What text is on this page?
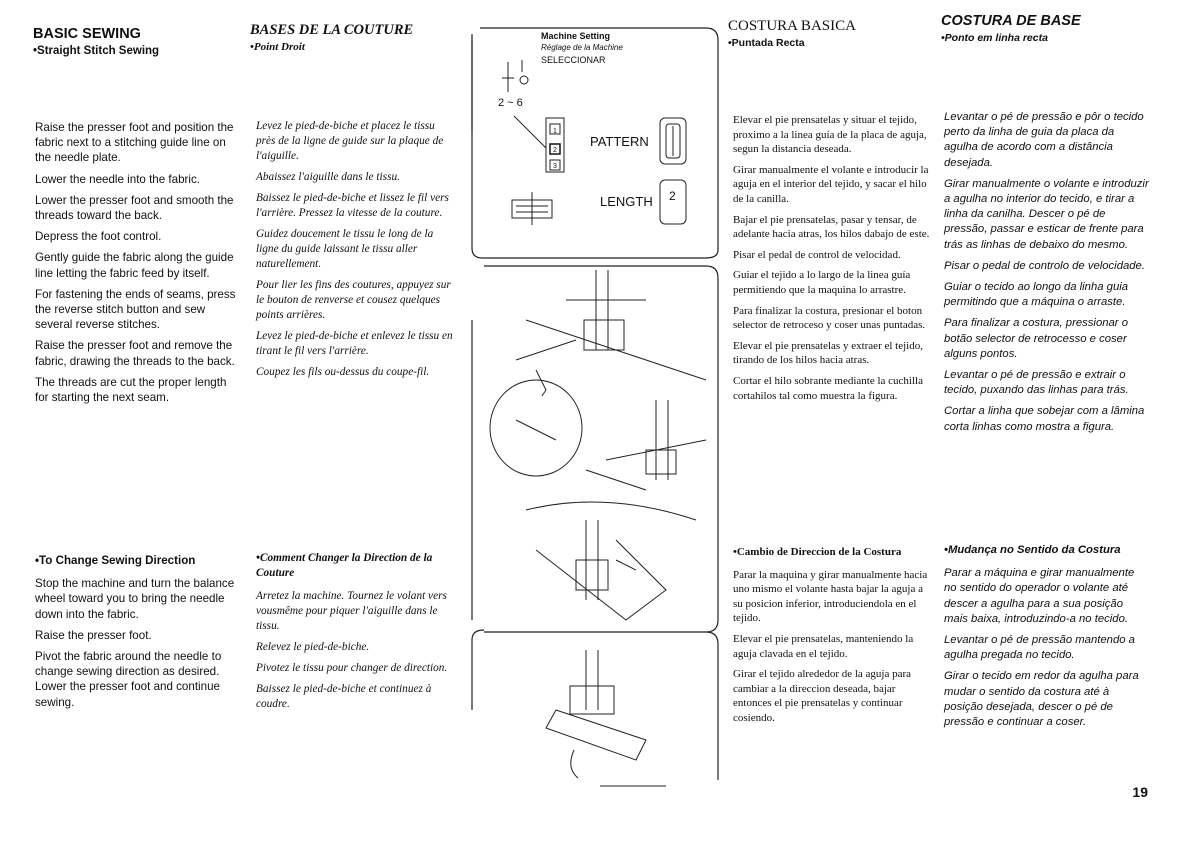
BASIC SEWING
•Straight Stitch Sewing

Raise the presser foot and position the fabric next to a stitching guide line on the needle plate.

Lower the needle into the fabric.

Lower the presser foot and smooth the threads toward the back.

Depress the foot control.

Gently guide the fabric along the guide line letting the fabric feed by itself.

For fastening the ends of seams, press the reverse stitch button and sew several reverse stitches.

Raise the presser foot and remove the fabric, drawing the threads to the back.

The threads are cut the proper length for starting the next seam.

•To Change Sewing Direction

Stop the machine and turn the balance wheel toward you to bring the needle down into the fabric.

Raise the presser foot.

Pivot the fabric around the needle to change sewing direction as desired. Lower the presser foot and continue sewing.

BASES DE LA COUTURE
•Point Droit

Levez le pied-de-biche et placez le tissu près de la ligne de guide sur la plaque de l'aiguille.

Abaissez l'aiguille dans le tissu.

Baissez le pied-de-biche et lissez le fil vers l'arrière. Pressez la vitesse de la couture.

Guidez doucement le tissu le long de la ligne du guide laissant le tissu aller naturellement.

Pour lier les fins des coutures, appuyez sur le bouton de renverse et cousez quelques points arrières.

Levez le pied-de-biche et enlevez le tissu en tirant le fil vers l'arrière.

Coupez les fils ou-dessus du coupe-fil.

•Comment Changer la Direction de la Couture

Arretez la machine. Tournez le volant vers vousmême pour piquer l'aiguille dans le tissu.

Relevez le pied-de-biche.

Pivotez le tissu pour changer de direction.

Baissez le pied-de-biche et continuez à coudre.

2 ~ 6
1
2
3
PATTERN
LENGTH 2
Machine Setting
Réglage de la Machine
SELECCIONAR
COSTURA BASICA
•Puntada Recta

Elevar el pie prensatelas y situar el tejido, proximo a la linea guía de la placa de aguja, segun la distancia deseada.

Girar manualmente el volante e introducir la aguja en el interior del tejido, y sacar el hilo de la canilla.

Bajar el pie prensatelas, pasar y tensar, de adelante hacia atras, los hilos dabajo de este.

Pisar el pedal de control de velocidad.

Guiar el tejido a lo largo de la linea guía permitiendo que la maquina lo arrastre.

Para finalizar la costura, presionar el boton selector de retroceso y coser unas puntadas.

Elevar el pie prensatelas y extraer el tejido, tirando de los hilos hacia atras.

Cortar el hilo sobrante mediante la cuchilla cortahilos tal como muestra la figura.

•Cambio de Direccion de la Costura

Parar la maquina y girar manualmente hacia uno mismo el volante hasta bajar la aguja a su posicion inferior, introduciendola en el tejido.

Elevar el pie prensatelas, manteniendo la aguja clavada en el tejido.

Girar el tejido alrededor de la aguja para cambiar a la direccion deseada, bajar entonces el pie prensatelas y continuar cosiendo.

COSTURA DE BASE
•Ponto em linha recta

Levantar o pé de pressão e pôr o tecido perto da linha de guia da placa da agulha de acordo com a distância desejada.

Girar manualmente o volante e introduzir a agulha no interior do tecido, e tirar a linha da canilha. Descer o pé de pressão, passar e esticar de frente para trás as linhas de debaixo do mesmo.

Pisar o pedal de controlo de velocidade.

Guiar o tecido ao longo da linha guia permitindo que a máquina o arraste.

Para finalizar a costura, pressionar o botão selector de retrocesso e coser alguns pontos.

Levantar o pé de pressão e extrair o tecido, puxando das linhas para trás.

Cortar a linha que sobejar com a lâmina corta linhas como mostra a figura.

•Mudança no Sentido da Costura

Parar a máquina e girar manualmente no sentido do operador o volante até descer a agulha para a sua posição mais baixa, introduzindo-a no tecido.

Levantar o pé de pressão mantendo a agulha pregada no tecido.

Girar o tecido em redor da agulha para mudar o sentido da costura até à posição desejada, descer o pé de pressão e continuar a coser.

19
